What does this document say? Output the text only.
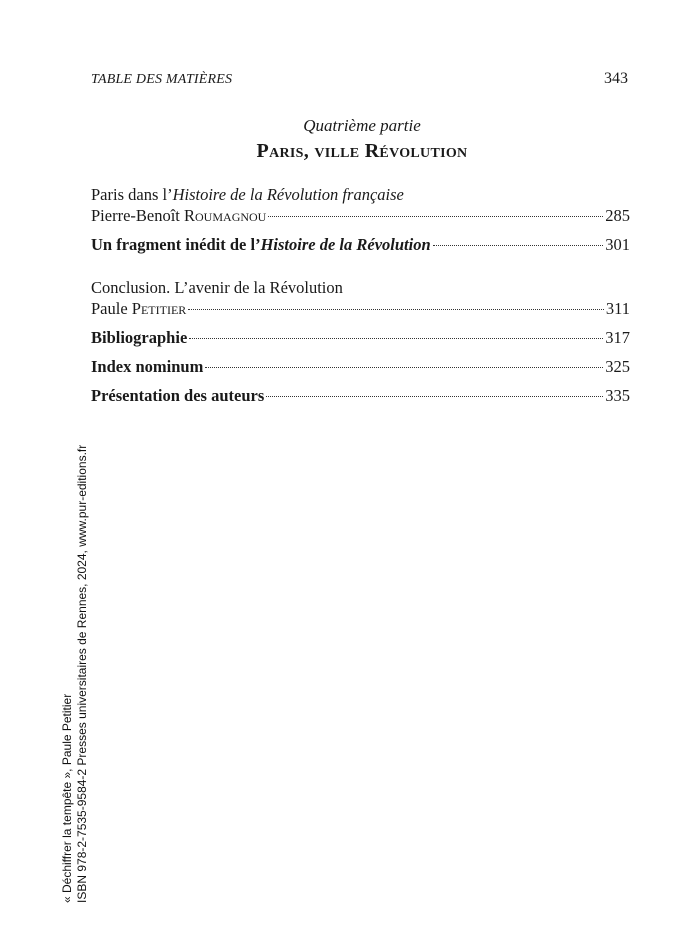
TABLE DES MATIÈRES	343
Quatrième partie
Paris, ville Révolution
Paris dans l’Histoire de la Révolution française
Pierre-Benoît Roumagnou	285
Un fragment inédit de l’Histoire de la Révolution	301
Conclusion. L’avenir de la Révolution
Paule Petitier	311
Bibliographie	317
Index nominum	325
Présentation des auteurs	335
« Déchiffrer la tempête », Paule Petitier ISBN 978-2-7535-9584-2 Presses universitaires de Rennes, 2024, www.pur-editions.fr
